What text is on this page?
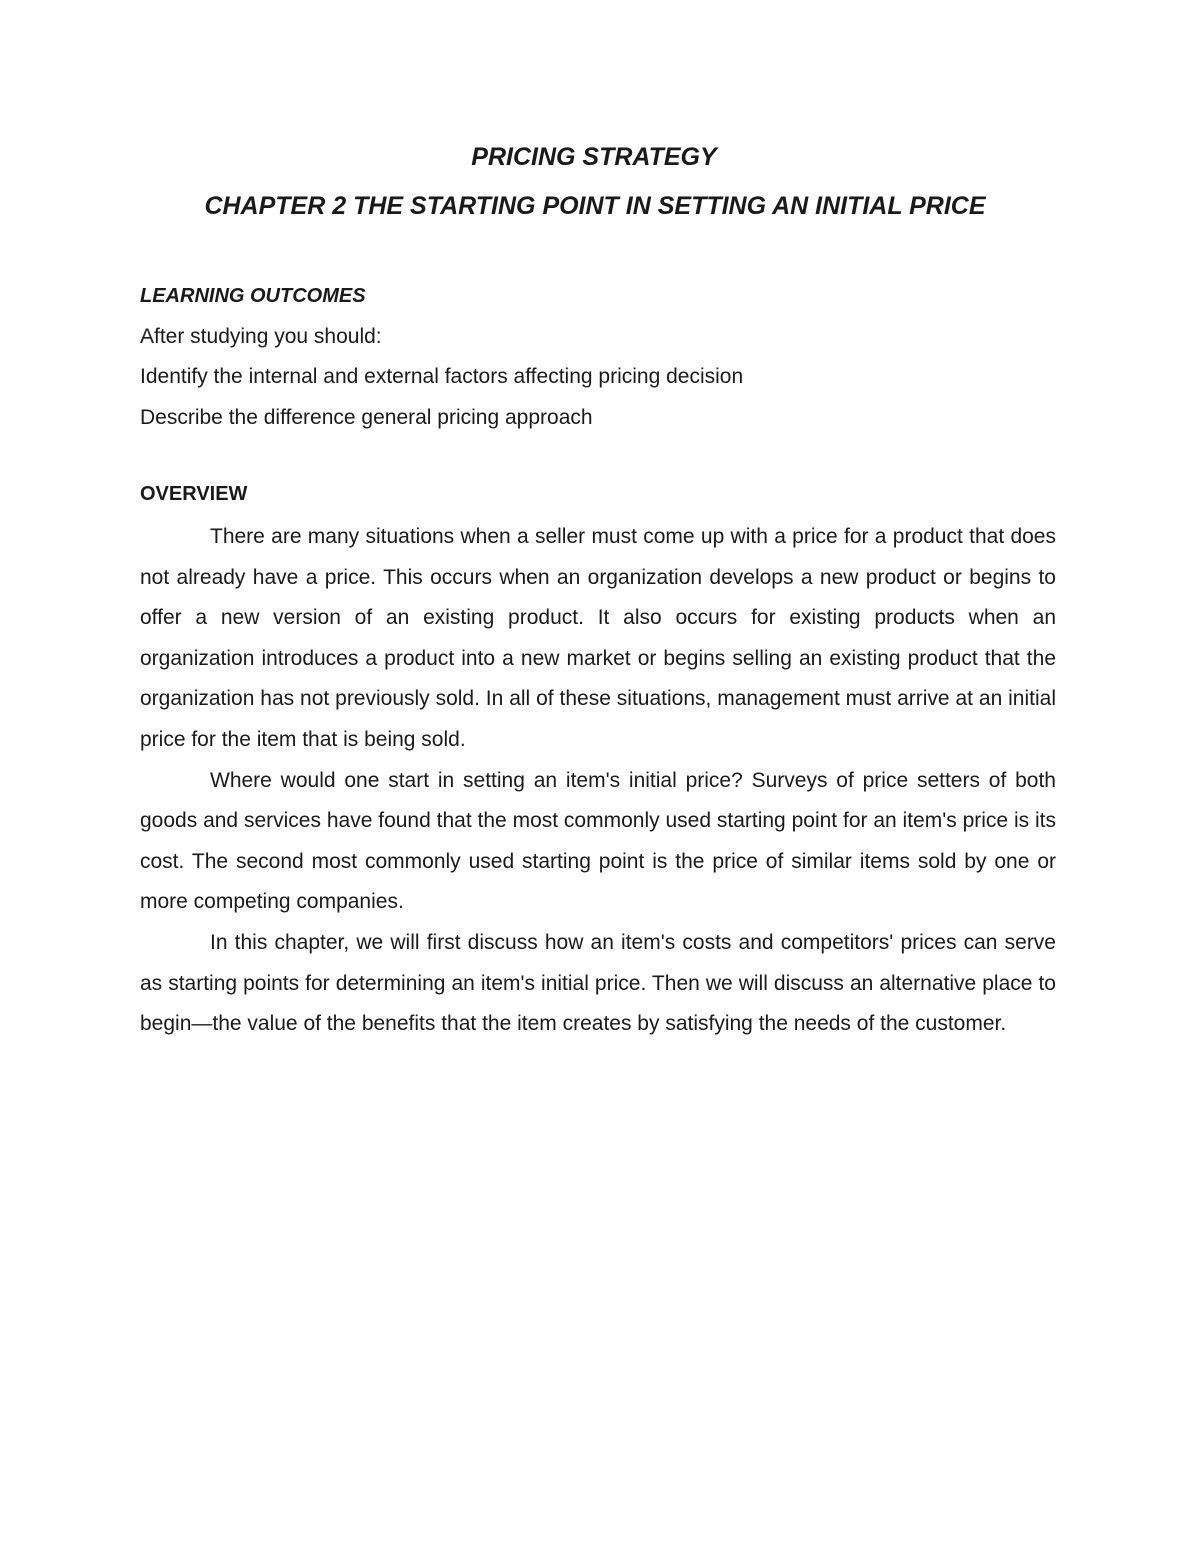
PRICING STRATEGY
CHAPTER 2 THE STARTING POINT IN SETTING AN INITIAL PRICE
LEARNING OUTCOMES
After studying you should:
Identify the internal and external factors affecting pricing decision
Describe the difference general pricing approach
OVERVIEW

There are many situations when a seller must come up with a price for a product that does not already have a price. This occurs when an organization develops a new product or begins to offer a new version of an existing product. It also occurs for existing products when an organization introduces a product into a new market or begins selling an existing product that the organization has not previously sold. In all of these situations, management must arrive at an initial price for the item that is being sold.

Where would one start in setting an item's initial price? Surveys of price setters of both goods and services have found that the most commonly used starting point for an item's price is its cost. The second most commonly used starting point is the price of similar items sold by one or more competing companies.

In this chapter, we will first discuss how an item's costs and competitors' prices can serve as starting points for determining an item's initial price. Then we will discuss an alternative place to begin—the value of the benefits that the item creates by satisfying the needs of the customer.
